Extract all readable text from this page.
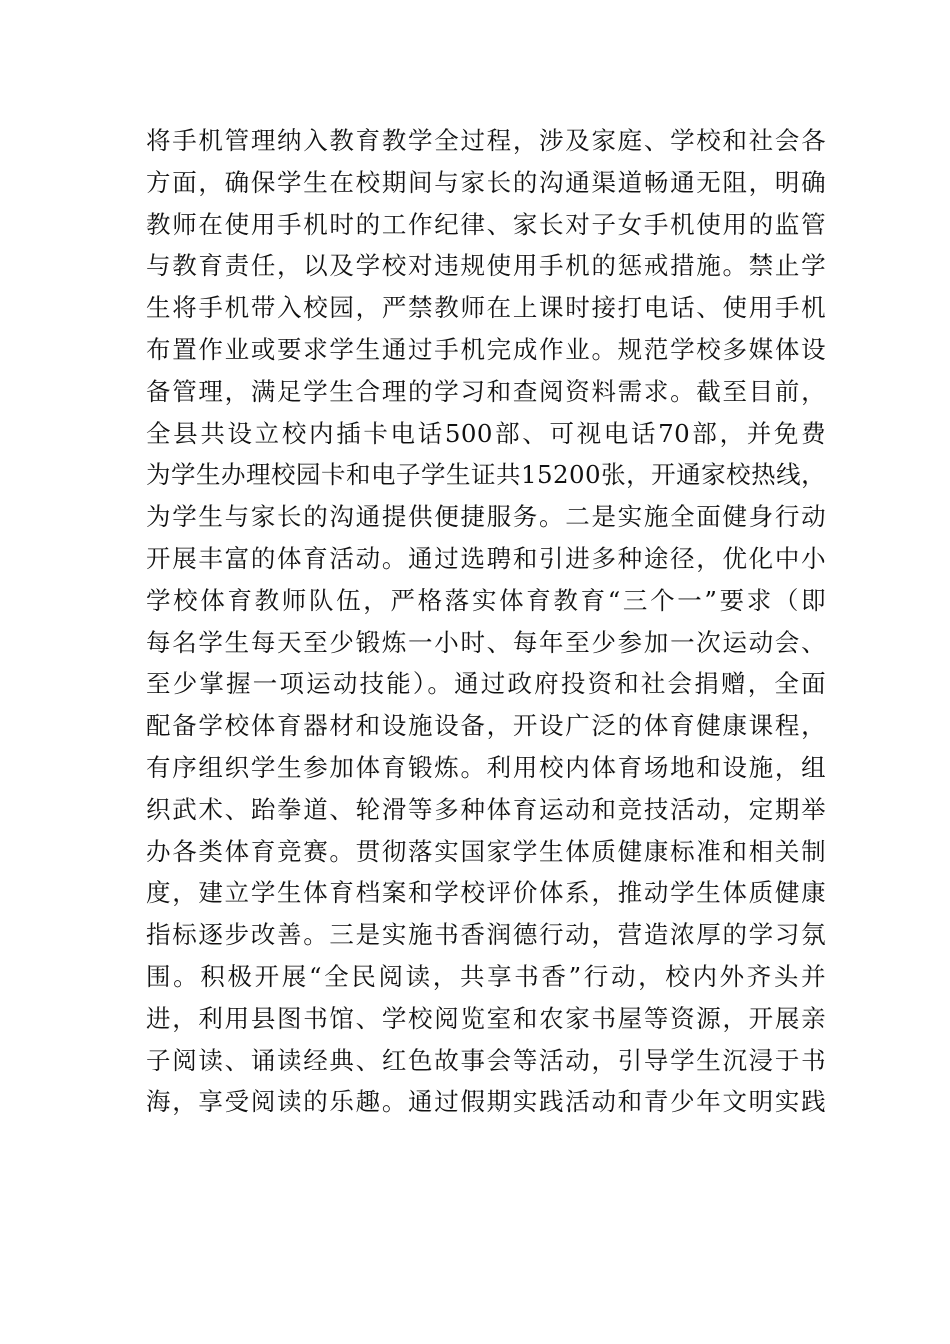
将手机管理纳入教育教学全过程，涉及家庭、学校和社会各
方面，确保学生在校期间与家长的沟通渠道畅通无阻，明确
教师在使用手机时的工作纪律、家长对子女手机使用的监管
与教育责任，以及学校对违规使用手机的惩戒措施。禁止学
生将手机带入校园，严禁教师在上课时接打电话、使用手机
布置作业或要求学生通过手机完成作业。规范学校多媒体设
备管理，满足学生合理的学习和查阅资料需求。截至目前，
全县共设立校内插卡电话500部、可视电话70部，并免费
为学生办理校园卡和电子学生证共15200张，开通家校热线，
为学生与家长的沟通提供便捷服务。二是实施全面健身行动
开展丰富的体育活动。通过选聘和引进多种途径，优化中小
学校体育教师队伍，严格落实体育教育“三个一”要求（即
每名学生每天至少锻炼一小时、每年至少参加一次运动会、
至少掌握一项运动技能）。通过政府投资和社会捐赠，全面
配备学校体育器材和设施设备，开设广泛的体育健康课程，
有序组织学生参加体育锻炼。利用校内体育场地和设施，组
织武术、跆拳道、轮滑等多种体育运动和竞技活动，定期举
办各类体育竞赛。贯彻落实国家学生体质健康标准和相关制
度，建立学生体育档案和学校评价体系，推动学生体质健康
指标逐步改善。三是实施书香润德行动，营造浓厚的学习氛
围。积极开展“全民阅读，共享书香”行动，校内外齐头并
进，利用县图书馆、学校阅览室和农家书屋等资源，开展亲
子阅读、诵读经典、红色故事会等活动，引导学生沉浸于书
海，享受阅读的乐趣。通过假期实践活动和青少年文明实践
